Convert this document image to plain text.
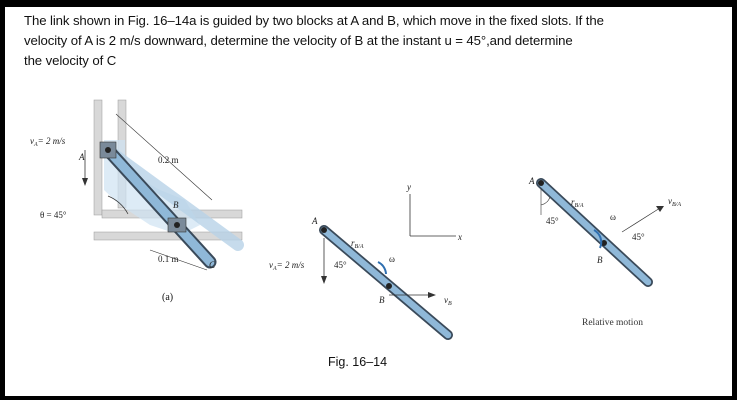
The link shown in Fig. 16–14a is guided by two blocks at A and B, which move in the fixed slots. If the

velocity of A is 2 m/s downward, determine the velocity of B at the instant u = 45°,and determine

the velocity of C

$v_A= 2$ m/s
A
θ = 45°
0.2 m
0.1 m
B
C
A
$v_A= 2$ m/s	45°
$r_{B/A}$
ω
B	$v_B$
y
x
A
$r_{B/A}$
45°	ω
$v_{B/A}$
45°
B
(a)
Relative motion
Fig. 16–14
